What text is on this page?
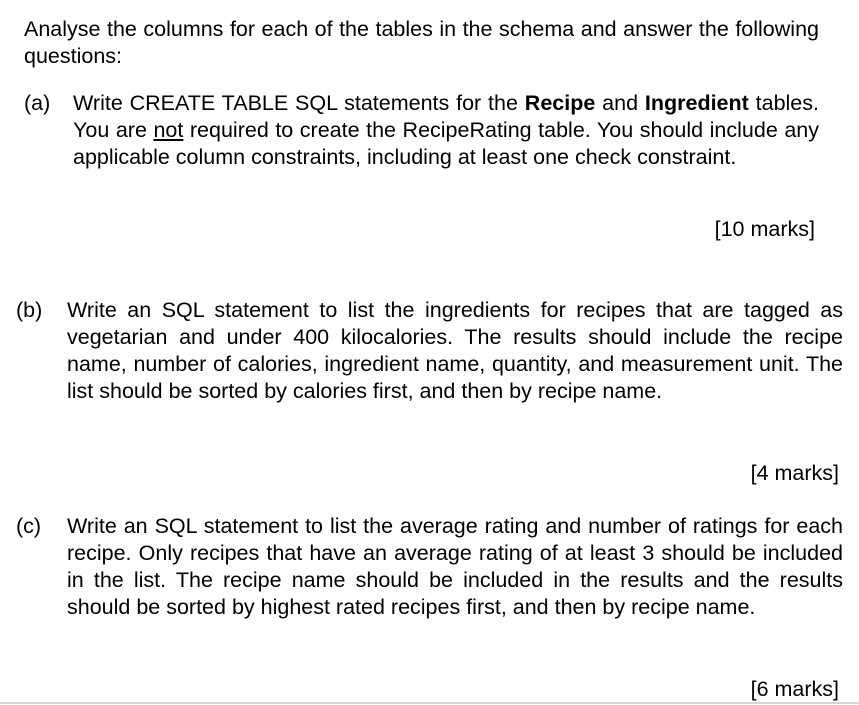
Analyse the columns for each of the tables in the schema and answer the following questions:

(a) Write CREATE TABLE SQL statements for the Recipe and Ingredient tables. You are not required to create the RecipeRating table. You should include any applicable column constraints, including at least one check constraint.

[10 marks]
(b) Write an SQL statement to list the ingredients for recipes that are tagged as vegetarian and under 400 kilocalories. The results should include the recipe name, number of calories, ingredient name, quantity, and measurement unit. The list should be sorted by calories first, and then by recipe name.

[4 marks]
(c) Write an SQL statement to list the average rating and number of ratings for each recipe. Only recipes that have an average rating of at least 3 should be included in the list. The recipe name should be included in the results and the results should be sorted by highest rated recipes first, and then by recipe name.

[6 marks]
